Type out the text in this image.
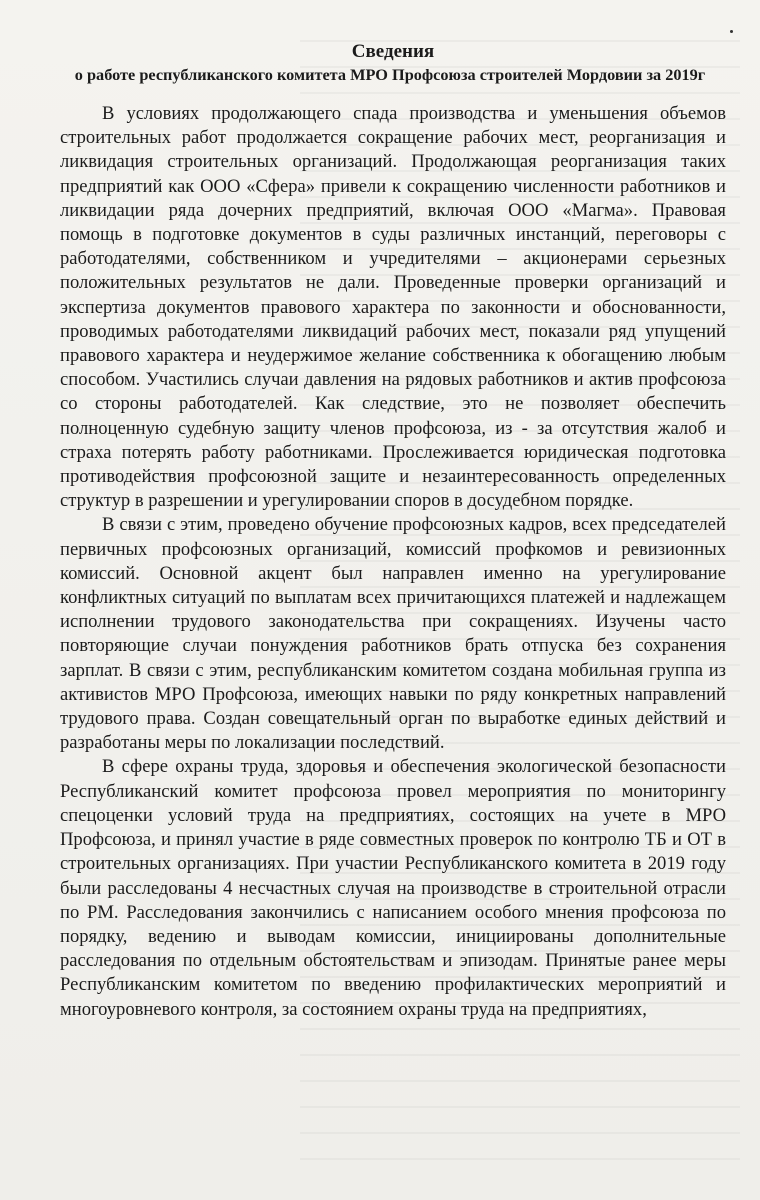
Сведения

о работе республиканского комитета МРО Профсоюза строителей Мордовии за 2019г

В условиях продолжающего спада производства и уменьшения объемов строительных работ продолжается сокращение рабочих мест, реорганизация и ликвидация строительных организаций. Продолжающая реорганизация таких предприятий как ООО «Сфера» привели к сокращению численности работников и ликвидации ряда дочерних предприятий, включая ООО «Магма». Правовая помощь в подготовке документов в суды различных инстанций, переговоры с работодателями, собственником и учредителями – акционерами серьезных положительных результатов не дали. Проведенные проверки организаций и экспертиза документов правового характера по законности и обоснованности, проводимых работодателями ликвидаций рабочих мест, показали ряд упущений правового характера и неудержимое желание собственника к обогащению любым способом. Участились случаи давления на рядовых работников и актив профсоюза со стороны работодателей. Как следствие, это не позволяет обеспечить полноценную судебную защиту членов профсоюза, из - за отсутствия жалоб и страха потерять работу работниками. Прослеживается юридическая подготовка противодействия профсоюзной защите и незаинтересованность определенных структур в разрешении и урегулировании споров в досудебном порядке.

В связи с этим, проведено обучение профсоюзных кадров, всех председателей первичных профсоюзных организаций, комиссий профкомов и ревизионных комиссий. Основной акцент был направлен именно на урегулирование конфликтных ситуаций по выплатам всех причитающихся платежей и надлежащем исполнении трудового законодательства при сокращениях. Изучены часто повторяющие случаи понуждения работников брать отпуска без сохранения зарплат. В связи с этим, республиканским комитетом создана мобильная группа из активистов МРО Профсоюза, имеющих навыки по ряду конкретных направлений трудового права. Создан совещательный орган по выработке единых действий и разработаны меры по локализации последствий.

В сфере охраны труда, здоровья и обеспечения экологической безопасности Республиканский комитет профсоюза провел мероприятия по мониторингу спецоценки условий труда на предприятиях, состоящих на учете в МРО Профсоюза, и принял участие в ряде совместных проверок по контролю ТБ и ОТ в строительных организациях. При участии Республиканского комитета в 2019 году были расследованы 4 несчастных случая на производстве в строительной отрасли по РМ. Расследования закончились с написанием особого мнения профсоюза по порядку, ведению и выводам комиссии, инициированы дополнительные расследования по отдельным обстоятельствам и эпизодам. Принятые ранее меры Республиканским комитетом по введению профилактических мероприятий и многоуровневого контроля, за состоянием охраны труда на предприятиях,
